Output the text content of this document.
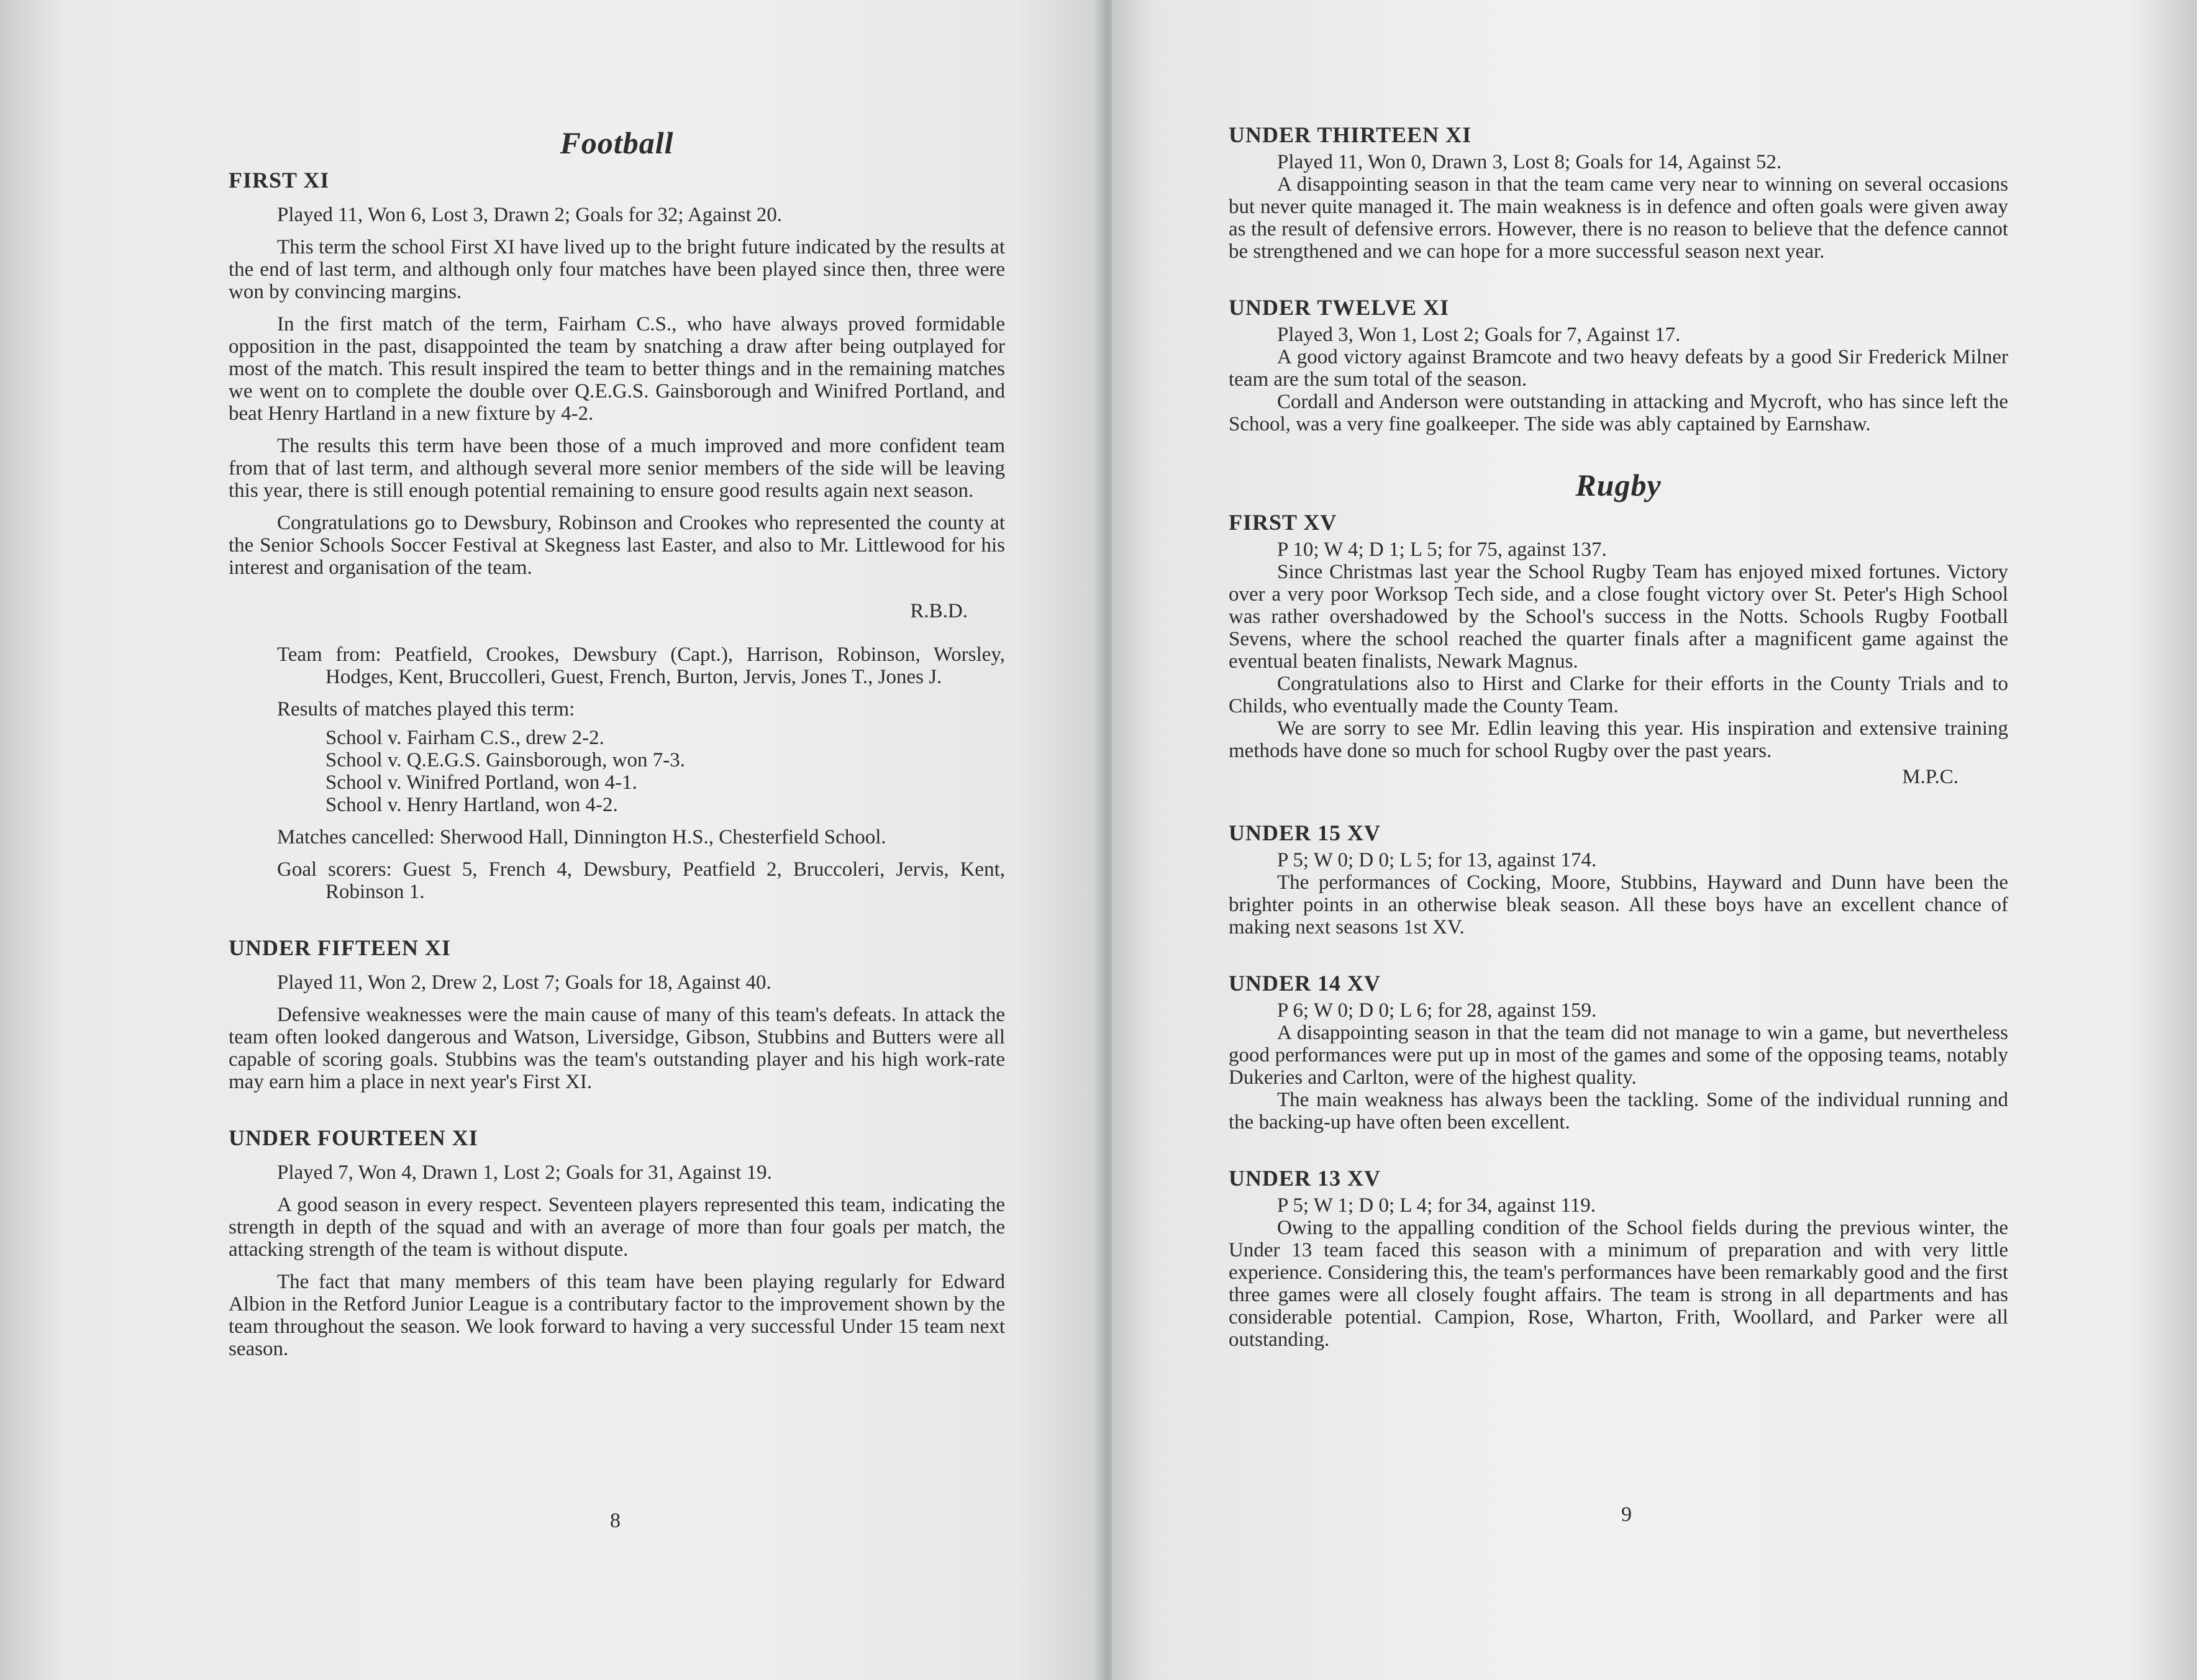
Football
FIRST XI

Played 11, Won 6, Lost 3, Drawn 2; Goals for 32; Against 20.

This term the school First XI have lived up to the bright future indicated by the results at the end of last term, and although only four matches have been played since then, three were won by convincing margins.

In the first match of the term, Fairham C.S., who have always proved formidable opposition in the past, disappointed the team by snatching a draw after being outplayed for most of the match. This result inspired the team to better things and in the remaining matches we went on to complete the double over Q.E.G.S. Gainsborough and Winifred Portland, and beat Henry Hartland in a new fixture by 4-2.

The results this term have been those of a much improved and more confident team from that of last term, and although several more senior members of the side will be leaving this year, there is still enough potential remaining to ensure good results again next season.

Congratulations go to Dewsbury, Robinson and Crookes who represented the county at the Senior Schools Soccer Festival at Skegness last Easter, and also to Mr. Littlewood for his interest and organisation of the team.

R.B.D.

Team from: Peatfield, Crookes, Dewsbury (Capt.), Harrison, Robinson, Worsley, Hodges, Kent, Bruccolleri, Guest, French, Burton, Jervis, Jones T., Jones J.

Results of matches played this term:

School v. Fairham C.S., drew 2-2.

School v. Q.E.G.S. Gainsborough, won 7-3.

School v. Winifred Portland, won 4-1.

School v. Henry Hartland, won 4-2.

Matches cancelled: Sherwood Hall, Dinnington H.S., Chesterfield School.

Goal scorers: Guest 5, French 4, Dewsbury, Peatfield 2, Bruccoleri, Jervis, Kent, Robinson 1.

UNDER FIFTEEN XI

Played 11, Won 2, Drew 2, Lost 7; Goals for 18, Against 40.

Defensive weaknesses were the main cause of many of this team's defeats. In attack the team often looked dangerous and Watson, Liversidge, Gibson, Stubbins and Butters were all capable of scoring goals. Stubbins was the team's outstanding player and his high work-rate may earn him a place in next year's First XI.

UNDER FOURTEEN XI

Played 7, Won 4, Drawn 1, Lost 2; Goals for 31, Against 19.

A good season in every respect. Seventeen players represented this team, indicating the strength in depth of the squad and with an average of more than four goals per match, the attacking strength of the team is without dispute.

The fact that many members of this team have been playing regularly for Edward Albion in the Retford Junior League is a contributary factor to the improvement shown by the team throughout the season. We look forward to having a very successful Under 15 team next season.

8
UNDER THIRTEEN XI

Played 11, Won 0, Drawn 3, Lost 8; Goals for 14, Against 52.

A disappointing season in that the team came very near to winning on several occasions but never quite managed it. The main weakness is in defence and often goals were given away as the result of defensive errors. However, there is no reason to believe that the defence cannot be strengthened and we can hope for a more successful season next year.

UNDER TWELVE XI

Played 3, Won 1, Lost 2; Goals for 7, Against 17.

A good victory against Bramcote and two heavy defeats by a good Sir Frederick Milner team are the sum total of the season.

Cordall and Anderson were outstanding in attacking and Mycroft, who has since left the School, was a very fine goalkeeper. The side was ably captained by Earnshaw.

Rugby
FIRST XV

P 10; W 4; D 1; L 5; for 75, against 137.

Since Christmas last year the School Rugby Team has enjoyed mixed fortunes. Victory over a very poor Worksop Tech side, and a close fought victory over St. Peter's High School was rather overshadowed by the School's success in the Notts. Schools Rugby Football Sevens, where the school reached the quarter finals after a magnificent game against the eventual beaten finalists, Newark Magnus.

Congratulations also to Hirst and Clarke for their efforts in the County Trials and to Childs, who eventually made the County Team.

We are sorry to see Mr. Edlin leaving this year. His inspiration and extensive training methods have done so much for school Rugby over the past years.

M.P.C.

UNDER 15 XV

P 5; W 0; D 0; L 5; for 13, against 174.

The performances of Cocking, Moore, Stubbins, Hayward and Dunn have been the brighter points in an otherwise bleak season. All these boys have an excellent chance of making next seasons 1st XV.

UNDER 14 XV

P 6; W 0; D 0; L 6; for 28, against 159.

A disappointing season in that the team did not manage to win a game, but nevertheless good performances were put up in most of the games and some of the opposing teams, notably Dukeries and Carlton, were of the highest quality.

The main weakness has always been the tackling. Some of the individual running and the backing-up have often been excellent.

UNDER 13 XV

P 5; W 1; D 0; L 4; for 34, against 119.

Owing to the appalling condition of the School fields during the previous winter, the Under 13 team faced this season with a minimum of preparation and with very little experience. Considering this, the team's performances have been remarkably good and the first three games were all closely fought affairs. The team is strong in all departments and has considerable potential. Campion, Rose, Wharton, Frith, Woollard, and Parker were all outstanding.

9
